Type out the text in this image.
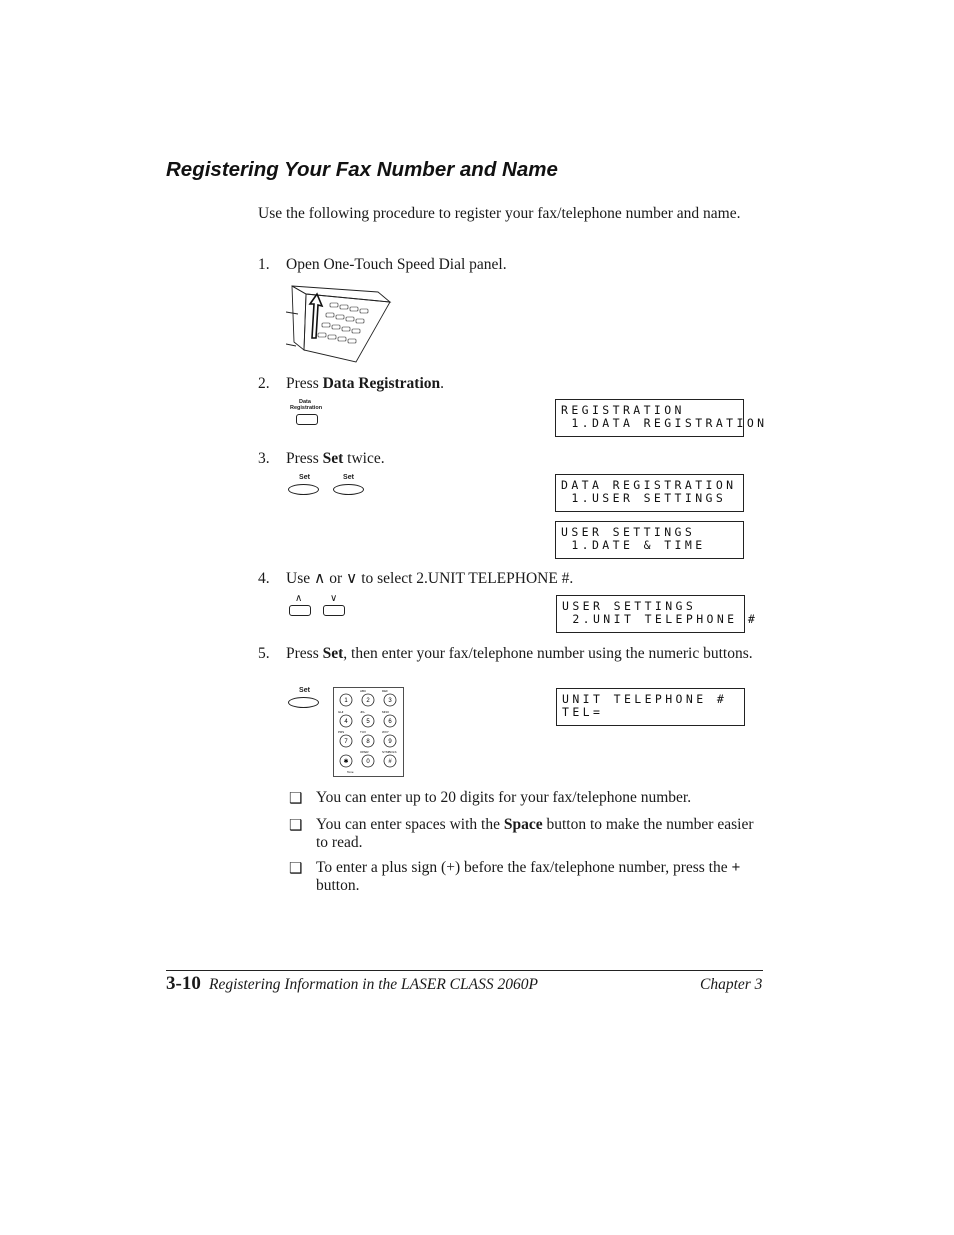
Registering Your Fax Number and Name
Use the following procedure to register your fax/telephone number and name.
1. Open One-Touch Speed Dial panel.
2. Press Data Registration.
Data
Registration	REGISTRATION
1.DATA REGISTRATION
3. Press Set twice.
Set	Set
DATA REGISTRATION
1.USER SETTINGS
USER SETTINGS
1.DATE & TIME
4. Use ∧ or ∨ to select 2.UNIT TELEPHONE #.
∧	∨
USER SETTINGS
2.UNIT TELEPHONE #
5. Press Set, then enter your fax/telephone number using the numeric buttons.
Set
1
ABC
2
DEF
3
GHI
4
JKL
5
MNO
6
PRS
7
TUV
8
WXY
9
✱
OPER
0
SYMBOLS
#
Tone
UNIT TELEPHONE #
TEL=
❑ You can enter up to 20 digits for your fax/telephone number.
❑ You can enter spaces with the Space button to make the number easier to read.
❑ To enter a plus sign (+) before the fax/telephone number, press the + button.
3-10 Registering Information in the LASER CLASS 2060P	Chapter 3
